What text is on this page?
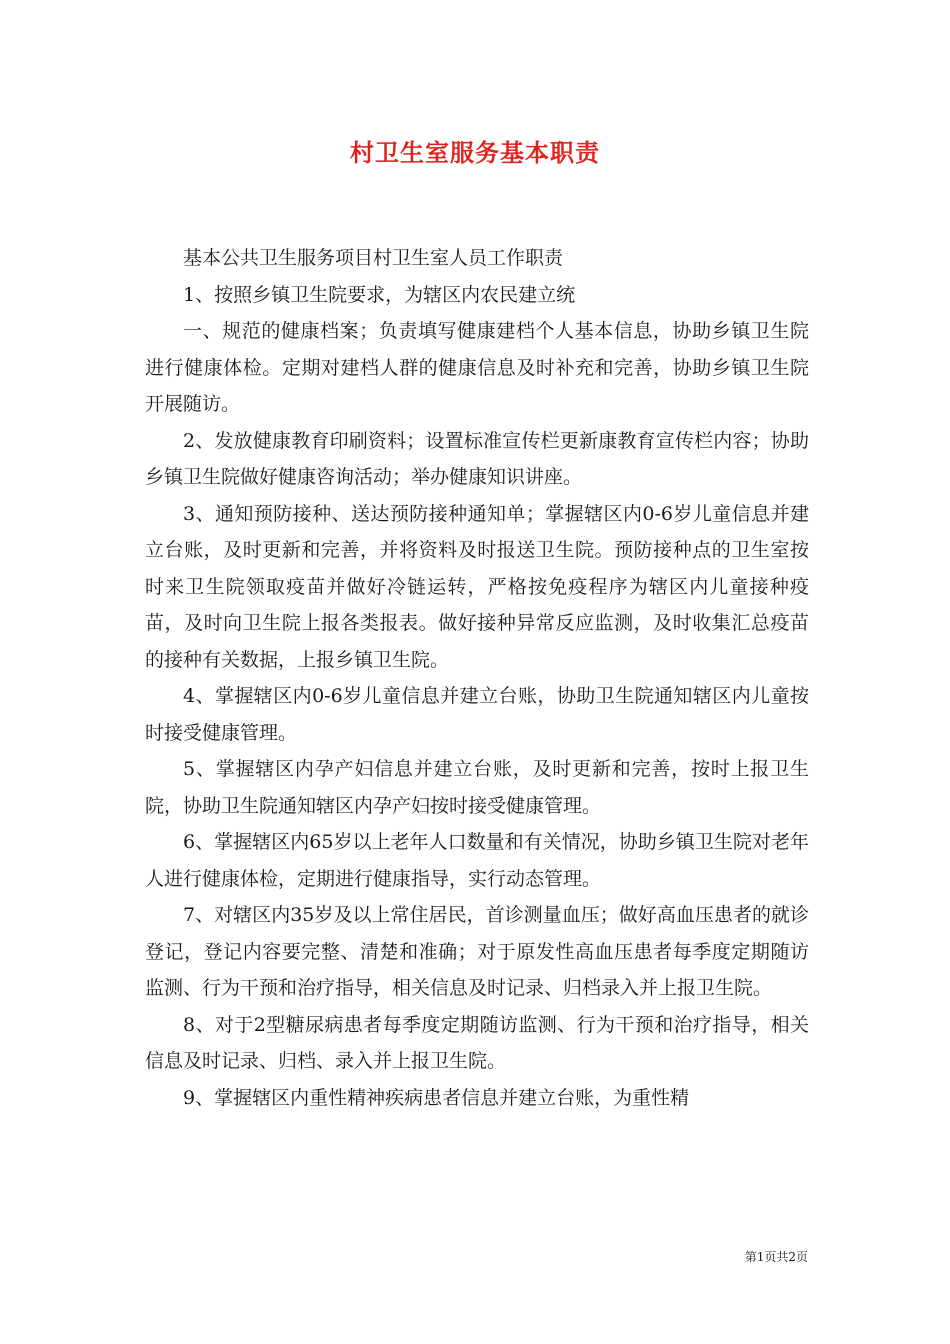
村卫生室服务基本职责

基本公共卫生服务项目村卫生室人员工作职责

1、按照乡镇卫生院要求，为辖区内农民建立统

一、规范的健康档案；负责填写健康建档个人基本信息，协助乡镇卫生院进行健康体检。定期对建档人群的健康信息及时补充和完善，协助乡镇卫生院开展随访。

2、发放健康教育印刷资料；设置标准宣传栏更新康教育宣传栏内容；协助乡镇卫生院做好健康咨询活动；举办健康知识讲座。

3、通知预防接种、送达预防接种通知单；掌握辖区内0-6岁儿童信息并建立台账，及时更新和完善，并将资料及时报送卫生院。预防接种点的卫生室按时来卫生院领取疫苗并做好冷链运转，严格按免疫程序为辖区内儿童接种疫苗，及时向卫生院上报各类报表。做好接种异常反应监测，及时收集汇总疫苗的接种有关数据，上报乡镇卫生院。

4、掌握辖区内0-6岁儿童信息并建立台账，协助卫生院通知辖区内儿童按时接受健康管理。

5、掌握辖区内孕产妇信息并建立台账，及时更新和完善，按时上报卫生院，协助卫生院通知辖区内孕产妇按时接受健康管理。

6、掌握辖区内65岁以上老年人口数量和有关情况，协助乡镇卫生院对老年人进行健康体检，定期进行健康指导，实行动态管理。

7、对辖区内35岁及以上常住居民，首诊测量血压；做好高血压患者的就诊登记，登记内容要完整、清楚和准确；对于原发性高血压患者每季度定期随访监测、行为干预和治疗指导，相关信息及时记录、归档录入并上报卫生院。

8、对于2型糖尿病患者每季度定期随访监测、行为干预和治疗指导，相关信息及时记录、归档、录入并上报卫生院。

9、掌握辖区内重性精神疾病患者信息并建立台账，为重性精

第1页共2页
